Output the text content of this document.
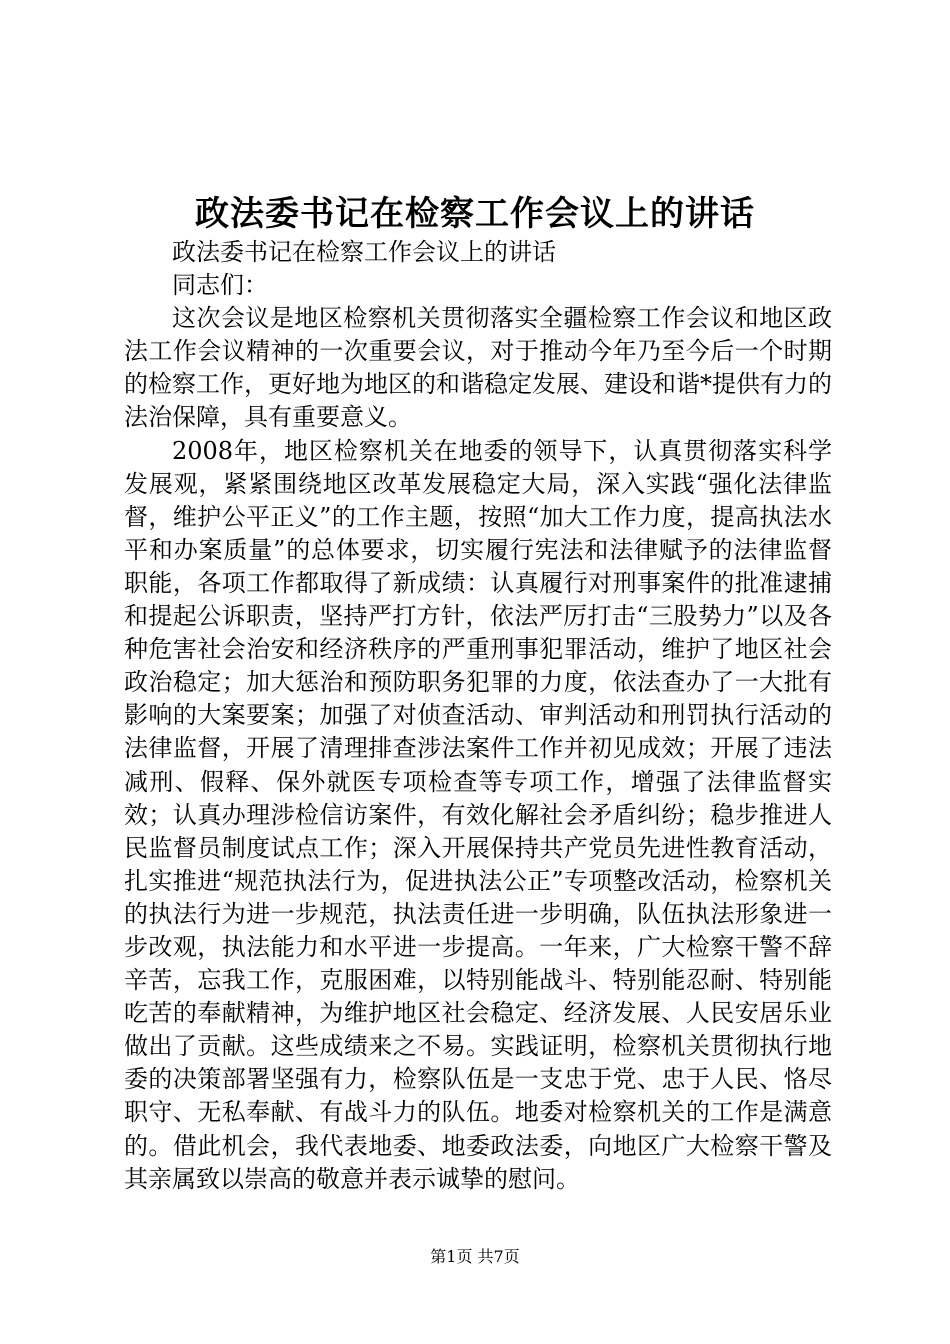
政法委书记在检察工作会议上的讲话

政法委书记在检察工作会议上的讲话

同志们：

这次会议是地区检察机关贯彻落实全疆检察工作会议和地区政法工作会议精神的一次重要会议，对于推动今年乃至今后一个时期的检察工作，更好地为地区的和谐稳定发展、建设和谐*提供有力的法治保障，具有重要意义。

2008年，地区检察机关在地委的领导下，认真贯彻落实科学发展观，紧紧围绕地区改革发展稳定大局，深入实践“强化法律监督，维护公平正义”的工作主题，按照“加大工作力度，提高执法水平和办案质量”的总体要求，切实履行宪法和法律赋予的法律监督职能，各项工作都取得了新成绩：认真履行对刑事案件的批准逮捕和提起公诉职责，坚持严打方针，依法严厉打击“三股势力”以及各种危害社会治安和经济秩序的严重刑事犯罪活动，维护了地区社会政治稳定；加大惩治和预防职务犯罪的力度，依法查办了一大批有影响的大案要案；加强了对侦查活动、审判活动和刑罚执行活动的法律监督，开展了清理排查涉法案件工作并初见成效；开展了违法减刑、假释、保外就医专项检查等专项工作，增强了法律监督实效；认真办理涉检信访案件，有效化解社会矛盾纠纷；稳步推进人民监督员制度试点工作；深入开展保持共产党员先进性教育活动，扎实推进“规范执法行为，促进执法公正”专项整改活动，检察机关的执法行为进一步规范，执法责任进一步明确，队伍执法形象进一步改观，执法能力和水平进一步提高。一年来，广大检察干警不辞辛苦，忘我工作，克服困难，以特别能战斗、特别能忍耐、特别能吃苦的奉献精神，为维护地区社会稳定、经济发展、人民安居乐业做出了贡献。这些成绩来之不易。实践证明，检察机关贯彻执行地委的决策部署坚强有力，检察队伍是一支忠于党、忠于人民、恪尽职守、无私奉献、有战斗力的队伍。地委对检察机关的工作是满意的。借此机会，我代表地委、地委政法委，向地区广大检察干警及其亲属致以崇高的敬意并表示诚挚的慰问。

第1页 共7页
